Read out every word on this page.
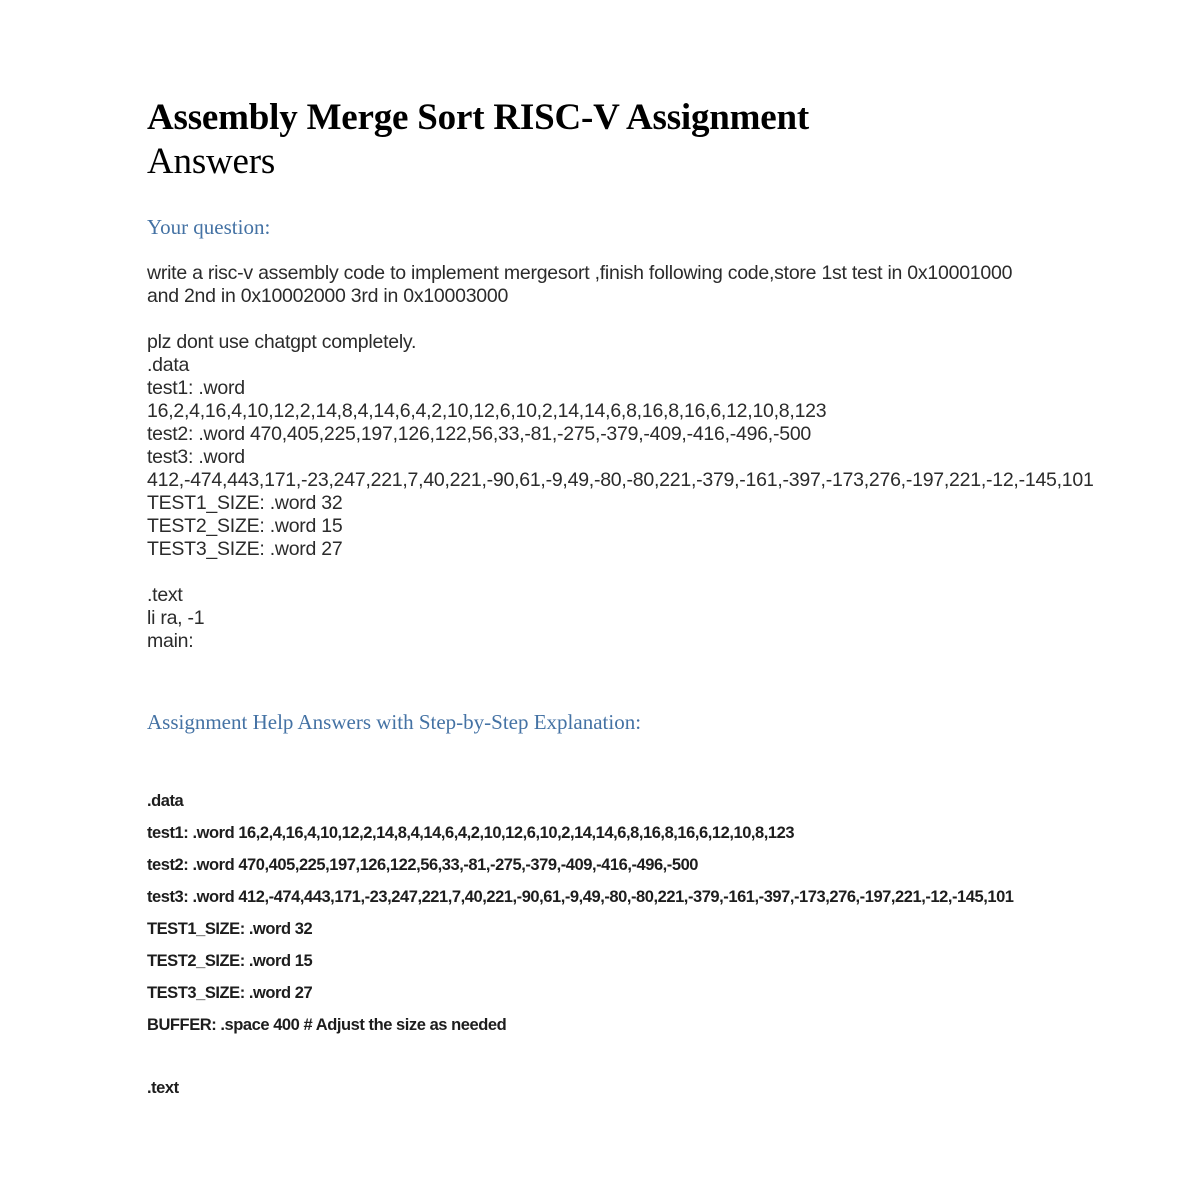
Assembly Merge Sort RISC-V Assignment
Answers
Your question:
write a risc-v assembly code to implement mergesort ,finish following code,store 1st test in 0x10001000 and 2nd in 0x10002000 3rd in 0x10003000
plz dont use chatgpt completely.
.data
test1: .word
16,2,4,16,4,10,12,2,14,8,4,14,6,4,2,10,12,6,10,2,14,14,6,8,16,8,16,6,12,10,8,123
test2: .word 470,405,225,197,126,122,56,33,-81,-275,-379,-409,-416,-496,-500
test3: .word 412,-474,443,171,-23,247,221,7,40,221,-90,61,-9,49,-80,-80,221,-379,-161,-397,-173,276,-197,221,-12,-145,101
TEST1_SIZE: .word 32
TEST2_SIZE: .word 15
TEST3_SIZE: .word 27
.text
li ra, -1
main:
Assignment Help Answers with Step-by-Step Explanation:
.data
test1: .word 16,2,4,16,4,10,12,2,14,8,4,14,6,4,2,10,12,6,10,2,14,14,6,8,16,8,16,6,12,10,8,123
test2: .word 470,405,225,197,126,122,56,33,-81,-275,-379,-409,-416,-496,-500
test3: .word 412,-474,443,171,-23,247,221,7,40,221,-90,61,-9,49,-80,-80,221,-379,-161,-397,-173,276,-197,221,-12,-145,101
TEST1_SIZE: .word 32
TEST2_SIZE: .word 15
TEST3_SIZE: .word 27
BUFFER: .space 400 # Adjust the size as needed
.text
